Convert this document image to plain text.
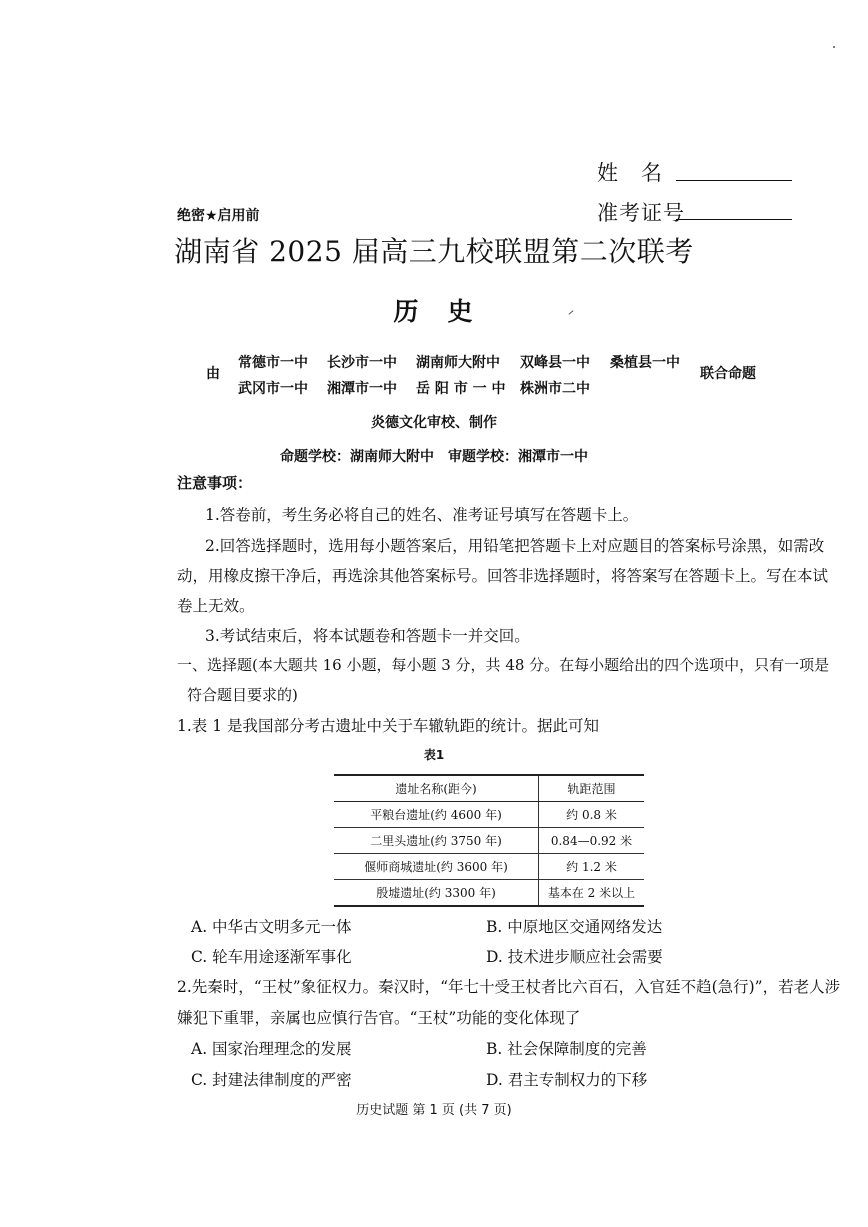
姓　名
准考证号
绝密★启用前
湖南省 2025 届高三九校联盟第二次联考
历　史
由
常德市一中 长沙市一中 湖南师大附中 双峰县一中 桑植县一中
武冈市一中 湘潭市一中 岳 阳 市 一 中 株洲市二中
联合命题
炎德文化审校、制作
命题学校：湖南师大附中　审题学校：湘潭市一中
注意事项：
1.答卷前，考生务必将自己的姓名、准考证号填写在答题卡上。
2.回答选择题时，选用每小题答案后，用铅笔把答题卡上对应题目的答案标号涂黑，如需改
动，用橡皮擦干净后，再选涂其他答案标号。回答非选择题时，将答案写在答题卡上。写在本试
卷上无效。
3.考试结束后，将本试题卷和答题卡一并交回。
一、选择题(本大题共 16 小题，每小题 3 分，共 48 分。在每小题给出的四个选项中，只有一项是
符合题目要求的)
1.表 1 是我国部分考古遗址中关于车辙轨距的统计。据此可知
表1
遗址名称(距今)	轨距范围
平粮台遗址(约 4600 年)	约 0.8 米
二里头遗址(约 3750 年)	0.84—0.92 米
偃师商城遗址(约 3600 年)	约 1.2 米
殷墟遗址(约 3300 年)	基本在 2 米以上
A. 中华古文明多元一体	B. 中原地区交通网络发达
C. 轮车用途逐渐军事化	D. 技术进步顺应社会需要
2.先秦时，“王杖”象征权力。秦汉时，“年七十受王杖者比六百石，入官廷不趋(急行)”，若老人涉
嫌犯下重罪，亲属也应慎行告官。“王杖”功能的变化体现了
A. 国家治理理念的发展	B. 社会保障制度的完善
C. 封建法律制度的严密	D. 君主专制权力的下移
历史试题 第 1 页 (共 7 页)
